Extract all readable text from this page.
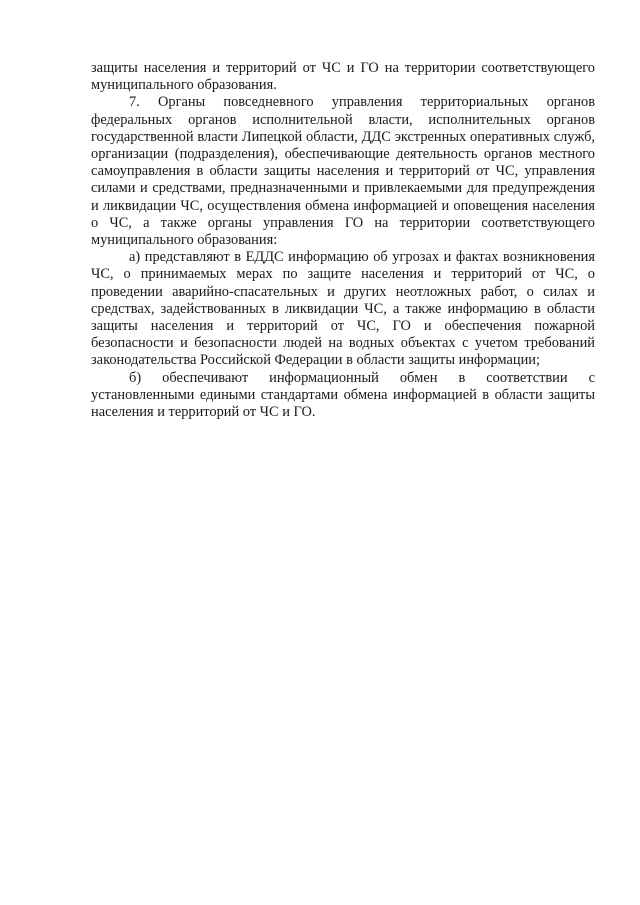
защиты населения и территорий от ЧС и ГО на территории соответствующего муниципального образования.

7. Органы повседневного управления территориальных органов федеральных органов исполнительной власти, исполнительных органов государственной власти Липецкой области, ДДС экстренных оперативных служб, организации (подразделения), обеспечивающие деятельность органов местного самоуправления в области защиты населения и территорий от ЧС, управления силами и средствами, предназначенными и привлекаемыми для предупреждения и ликвидации ЧС, осуществления обмена информацией и оповещения населения о ЧС, а также органы управления ГО на территории соответствующего муниципального образования:

а) представляют в ЕДДС информацию об угрозах и фактах возникновения ЧС, о принимаемых мерах по защите населения и территорий от ЧС, о проведении аварийно-спасательных и других неотложных работ, о силах и средствах, задействованных в ликвидации ЧС, а также информацию в области защиты населения и территорий от ЧС, ГО и обеспечения пожарной безопасности и безопасности людей на водных объектах с учетом требований законодательства Российской Федерации в области защиты информации;

б) обеспечивают информационный обмен в соответствии с установленными едиными стандартами обмена информацией в области защиты населения и территорий от ЧС и ГО.
